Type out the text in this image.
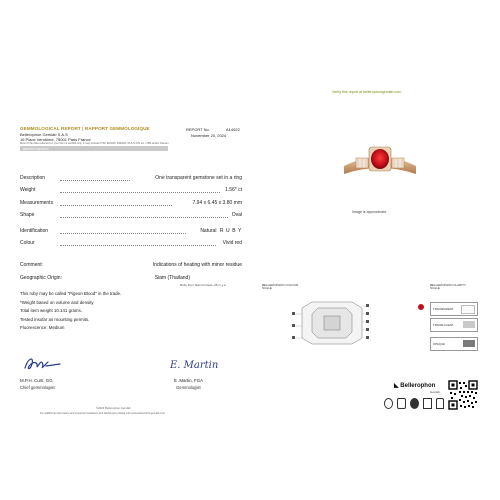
GEMMOLOGICAL REPORT | RAPPORT GEMMOLOGIQUE
Bellerophon Gemlab S.A.S
16 Place Vendôme, 75001 Paris France
Most of the data collected on your item is verified only. It may include FTIR, EDXRF, RAMAN, PL/UV-VIS etc. LIBS and/or Raman
REPORT No.	A14922
November 20, 2024
REPORT DETAILS
Description	One transparent gemstone set in a ring
Weight	1.56* ct
Measurements	7.94 x 6.45 x 3.80 mm
Shape	Oval
Identification	Natural R U B Y
Colour	Vivid red
Comment:	Indications of heating with minor residue
Geographic Origin:	Siam (Thailand)
Ruby from Siam formed ~25 m.y.a
This ruby may be called "Pigeon Blood" in the trade.
*Weight based on volume and density
Total item weight 10.141 grams.
Tested insofar as mounting permits.
Fluorescence: Medium
M.P.H. Curti, GG
Chief gemmologist
E. Martin
E .Martin, FGA
Gemmologist
©2024 Bellerophon Gemlab
For additional information and important limitations and disclaimers please visit www.bellerophongemlab.com
Verify this report at bellerophongemlab.com
Image is approximate
BELLEROPHON COLOUR SCALE
BELLEROPHON CLARITY SCALE
TRANSPARENT
TRANSLUCENT
OPAQUE
◣ Bellerophon
Gemlab
